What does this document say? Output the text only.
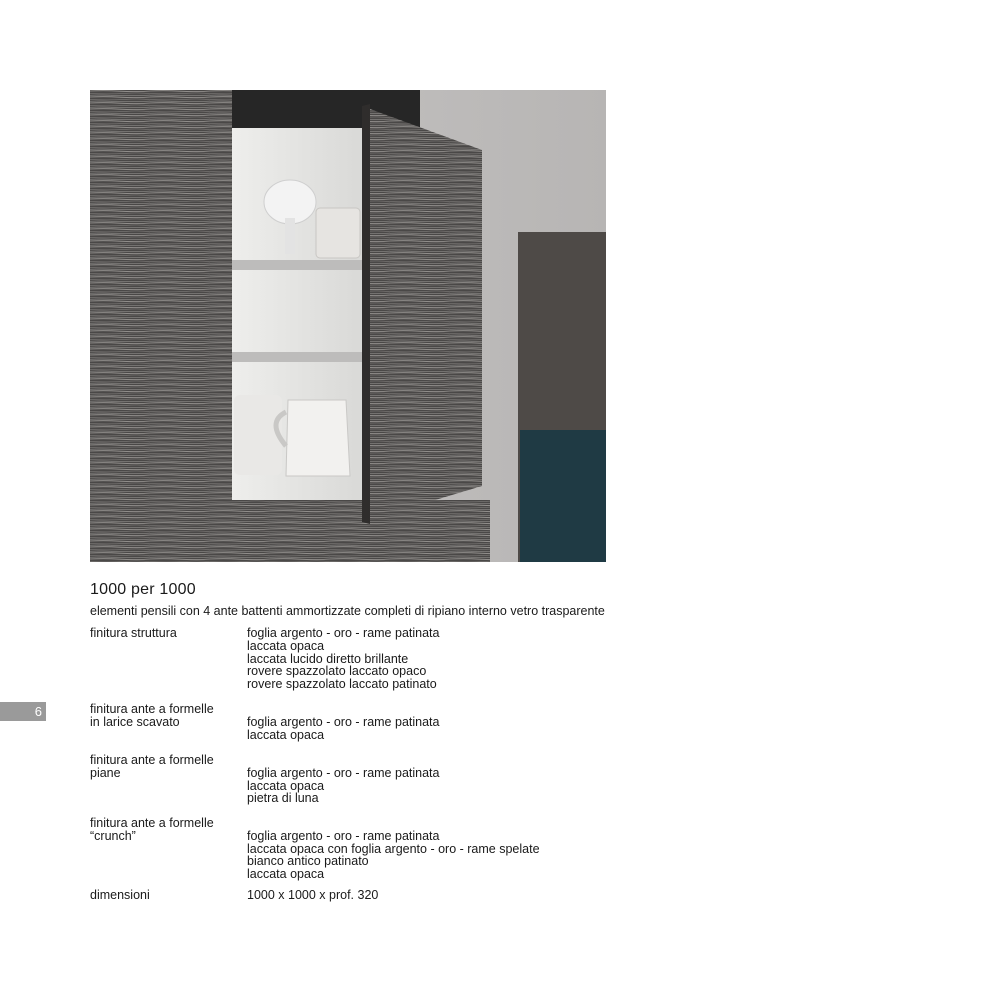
6
1000 per 1000
elementi pensili con 4 ante battenti ammortizzate completi di ripiano interno vetro trasparente
finitura struttura	foglia argento - oro - rame patinata
laccata opaca
laccata lucido diretto brillante
rovere spazzolato laccato opaco
rovere spazzolato laccato patinato
finitura ante a formelle
in larice scavato	foglia argento - oro - rame patinata
laccata opaca
finitura ante a formelle
piane	foglia argento - oro - rame patinata
laccata opaca
pietra di luna
finitura ante a formelle
“crunch”	foglia argento - oro - rame patinata
laccata opaca con foglia argento - oro - rame spelate
bianco antico patinato
laccata opaca
dimensioni	1000 x 1000 x prof. 320
